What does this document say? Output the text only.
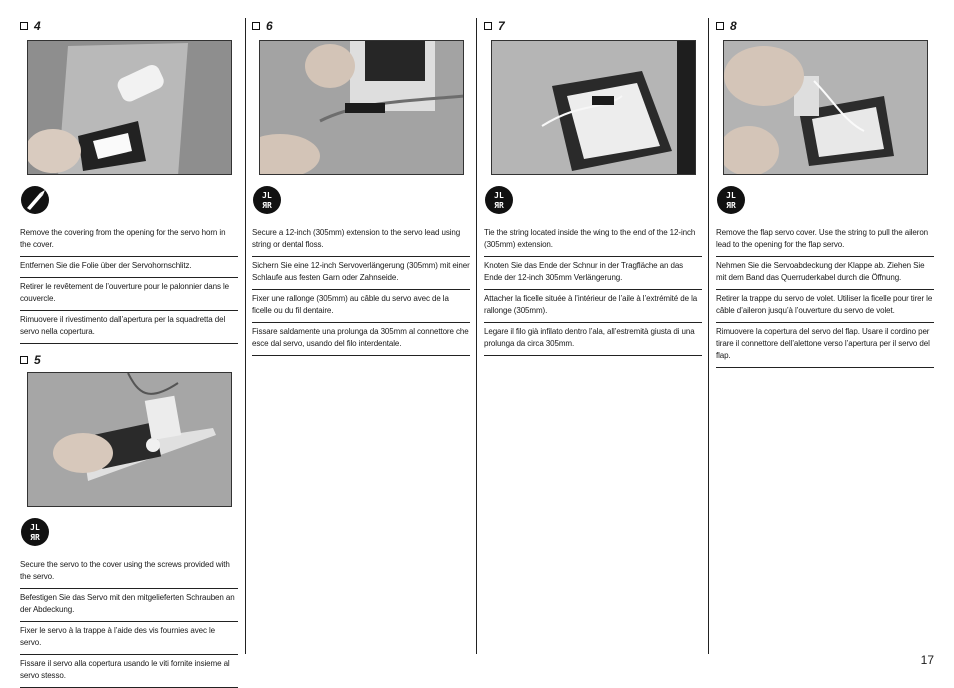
4
Remove the covering from the opening for the servo horn in the cover.
Entfernen Sie die Folie über der Servohornschlitz.
Retirer le revêtement de l’ouverture pour le palonnier dans le couvercle.
Rimuovere il rivestimento dall’apertura per la squadretta del servo nella copertura.
5
JL
ЯR
Secure the servo to the cover using the screws provided with the servo.
Befestigen Sie das Servo mit den mitgelieferten Schrauben an der Abdeckung.
Fixer le servo à la trappe à l’aide des vis fournies avec le servo.
Fissare il servo alla copertura usando le viti fornite insieme al servo stesso.
6
JL
ЯR
Secure a 12-inch (305mm) extension to the servo lead using string or dental floss.
Sichern Sie eine 12-inch Servoverlängerung (305mm) mit einer Schlaufe aus festen Garn oder Zahnseide.
Fixer une rallonge (305mm) au câble du servo avec de la ficelle ou du fil dentaire.
Fissare saldamente una prolunga da 305mm al connettore che esce dal servo, usando del filo interdentale.
7
JL
ЯR
Tie the string located inside the wing to the end of the 12-inch (305mm) extension.
Knoten Sie das Ende der Schnur in der Tragfläche an das Ende der 12-inch 305mm Verlängerung.
Attacher la ficelle située à l’intérieur de l’aile à l’extrémité de la rallonge (305mm).
Legare il filo già infilato dentro l’ala, all’estremità giusta di una prolunga da circa 305mm.
8
JL
ЯR
Remove the flap servo cover. Use the string to pull the aileron lead to the opening for the flap servo.
Nehmen Sie die Servoabdeckung der Klappe ab. Ziehen Sie mit dem Band das Querruderkabel durch die Öffnung.
Retirer la trappe du servo de volet. Utiliser la ficelle pour tirer le câble d’aileron jusqu’à l’ouverture du servo de volet.
Rimuovere la copertura del servo del flap. Usare il cordino per tirare il connettore dell’alettone verso l’apertura per il servo del flap.
17
